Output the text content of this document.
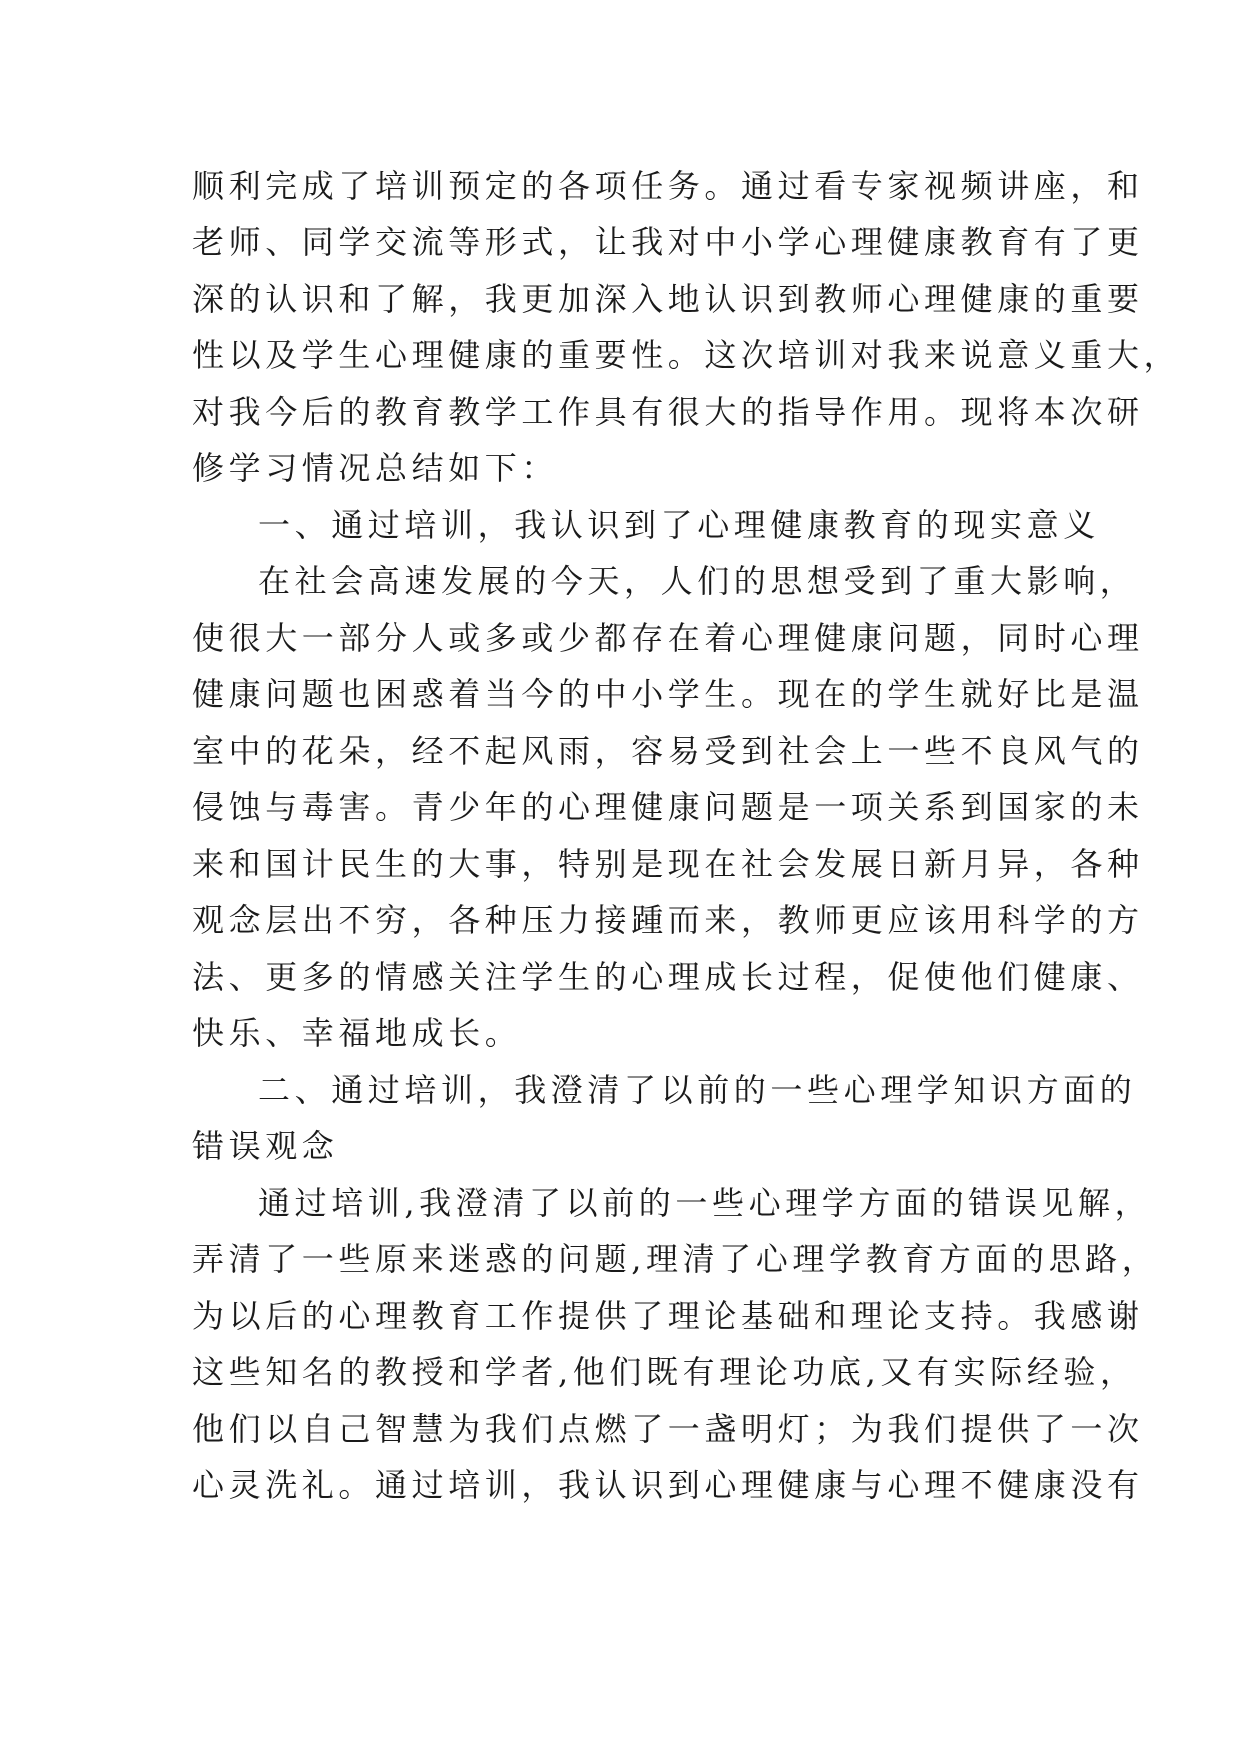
顺利完成了培训预定的各项任务。通过看专家视频讲座，和
老师、同学交流等形式，让我对中小学心理健康教育有了更
深的认识和了解，我更加深入地认识到教师心理健康的重要
性以及学生心理健康的重要性。这次培训对我来说意义重大，
对我今后的教育教学工作具有很大的指导作用。现将本次研
修学习情况总结如下：
一、通过培训，我认识到了心理健康教育的现实意义
在社会高速发展的今天，人们的思想受到了重大影响，
使很大一部分人或多或少都存在着心理健康问题，同时心理
健康问题也困惑着当今的中小学生。现在的学生就好比是温
室中的花朵，经不起风雨，容易受到社会上一些不良风气的
侵蚀与毒害。青少年的心理健康问题是一项关系到国家的未
来和国计民生的大事，特别是现在社会发展日新月异，各种
观念层出不穷，各种压力接踵而来，教师更应该用科学的方
法、更多的情感关注学生的心理成长过程，促使他们健康、
快乐、幸福地成长。
二、通过培训，我澄清了以前的一些心理学知识方面的
错误观念
通过培训,我澄清了以前的一些心理学方面的错误见解，
弄清了一些原来迷惑的问题,理清了心理学教育方面的思路，
为以后的心理教育工作提供了理论基础和理论支持。我感谢
这些知名的教授和学者,他们既有理论功底,又有实际经验，
他们以自己智慧为我们点燃了一盏明灯；为我们提供了一次
心灵洗礼。通过培训，我认识到心理健康与心理不健康没有
